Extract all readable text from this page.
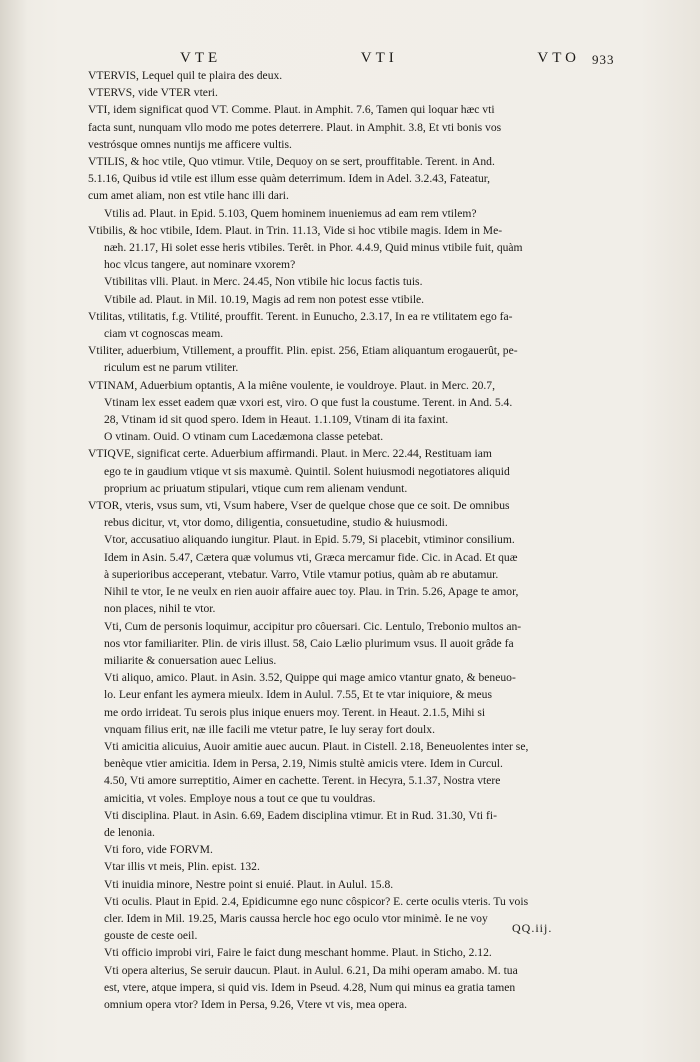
VTE	VTI	VTO 933
VTERVIS, Lequel quil te plaira des deux.
VTERVS, vide VTER vteri.
VTI, idem significat quod VT. Comme. Plaut. in Amphit. 7.6, Tamen qui loquar hæc vti
facta sunt, nunquam vllo modo me potes deterrere. Plaut. in Amphit. 3.8, Et vti bonis vos
vestrósque omnes nuntijs me afficere vultis.
VTILIS, & hoc vtile, Quo vtimur. Vtile, Dequoy on se sert, prouffitable. Terent. in And.
5.1.16, Quibus id vtile est illum esse quàm deterrimum. Idem in Adel. 3.2.43, Fateatur,
cum amet aliam, non est vtile hanc illi dari.
Vtilis ad. Plaut. in Epid. 5.103, Quem hominem inueniemus ad eam rem vtilem?
Vtibilis, & hoc vtibile, Idem. Plaut. in Trin. 11.13, Vide si hoc vtibile magis. Idem in Me-
næh. 21.17, Hi solet esse heris vtibiles. Terêt. in Phor. 4.4.9, Quid minus vtibile fuit, quàm
hoc vlcus tangere, aut nominare vxorem?
Vtibilitas vlli. Plaut. in Merc. 24.45, Non vtibile hic locus factis tuis.
Vtibile ad. Plaut. in Mil. 10.19, Magis ad rem non potest esse vtibile.
Vtilitas, vtilitatis, f.g. Vtilité, prouffit. Terent. in Eunucho, 2.3.17, In ea re vtilitatem ego fa-
ciam vt cognoscas meam.
Vtiliter, aduerbium, Vtillement, a prouffit. Plin. epist. 256, Etiam aliquantum erogauerût, pe-
riculum est ne parum vtiliter.
VTINAM, Aduerbium optantis, A la miêne voulente, ie vouldroye. Plaut. in Merc. 20.7,
Vtinam lex esset eadem quæ vxori est, viro. O que fust la coustume. Terent. in And. 5.4.
28, Vtinam id sit quod spero. Idem in Heaut. 1.1.109, Vtinam di ita faxint.
O vtinam. Ouid. O vtinam cum Lacedæmona classe petebat.
VTIQVE, significat certe. Aduerbium affirmandi. Plaut. in Merc. 22.44, Restituam iam
ego te in gaudium vtique vt sis maxumè. Quintil. Solent huiusmodi negotiatores aliquid
proprium ac priuatum stipulari, vtique cum rem alienam vendunt.
VTOR, vteris, vsus sum, vti, Vsum habere, Vser de quelque chose que ce soit. De omnibus
rebus dicitur, vt, vtor domo, diligentia, consuetudine, studio & huiusmodi.
Vtor, accusatiuo aliquando iungitur. Plaut. in Epid. 5.79, Si placebit, vtiminor consilium.
Idem in Asin. 5.47, Cætera quæ volumus vti, Græca mercamur fide. Cic. in Acad. Et quæ
à superioribus acceperant, vtebatur. Varro, Vtile vtamur potius, quàm ab re abutamur.
Nihil te vtor, Ie ne veulx en rien auoir affaire auec toy. Plau. in Trin. 5.26, Apage te amor,
non places, nihil te vtor.
Vti, Cum de personis loquimur, accipitur pro côuersari. Cic. Lentulo, Trebonio multos an-
nos vtor familiariter. Plin. de viris illust. 58, Caio Lælio plurimum vsus. Il auoit grâde fa
miliarite & conuersation auec Lelius.
Vti aliquo, amico. Plaut. in Asin. 3.52, Quippe qui mage amico vtantur gnato, & beneuo-
lo. Leur enfant les aymera mieulx. Idem in Aulul. 7.55, Et te vtar iniquiore, & meus
me ordo irrideat. Tu serois plus inique enuers moy. Terent. in Heaut. 2.1.5, Mihi si
vnquam filius erit, næ ille facili me vtetur patre, Ie luy seray fort doulx.
Vti amicitia alicuius, Auoir amitie auec aucun. Plaut. in Cistell. 2.18, Beneuolentes inter se,
benèque vtier amicitia. Idem in Persa, 2.19, Nimis stultè amicis vtere. Idem in Curcul.
4.50, Vti amore surreptitio, Aimer en cachette. Terent. in Hecyra, 5.1.37, Nostra vtere
amicitia, vt voles. Employe nous a tout ce que tu vouldras.
Vti disciplina. Plaut. in Asin. 6.69, Eadem disciplina vtimur. Et in Rud. 31.30, Vti fi-
de lenonia.
Vti foro, vide FORVM.
Vtar illis vt meis, Plin. epist. 132.
Vti inuidia minore, Nestre point si enuié. Plaut. in Aulul. 15.8.
Vti oculis. Plaut in Epid. 2.4, Epidicumne ego nunc côspicor? E. certe oculis vteris. Tu vois
cler. Idem in Mil. 19.25, Maris caussa hercle hoc ego oculo vtor minimè. Ie ne voy
gouste de ceste oeil.
Vti officio improbi viri, Faire le faict dung meschant homme. Plaut. in Sticho, 2.12.
Vti opera alterius, Se seruir daucun. Plaut. in Aulul. 6.21, Da mihi operam amabo. M. tua
est, vtere, atque impera, si quid vis. Idem in Pseud. 4.28, Num qui minus ea gratia tamen
omnium opera vtor? Idem in Persa, 9.26, Vtere vt vis, mea opera.
QQ.iij.
